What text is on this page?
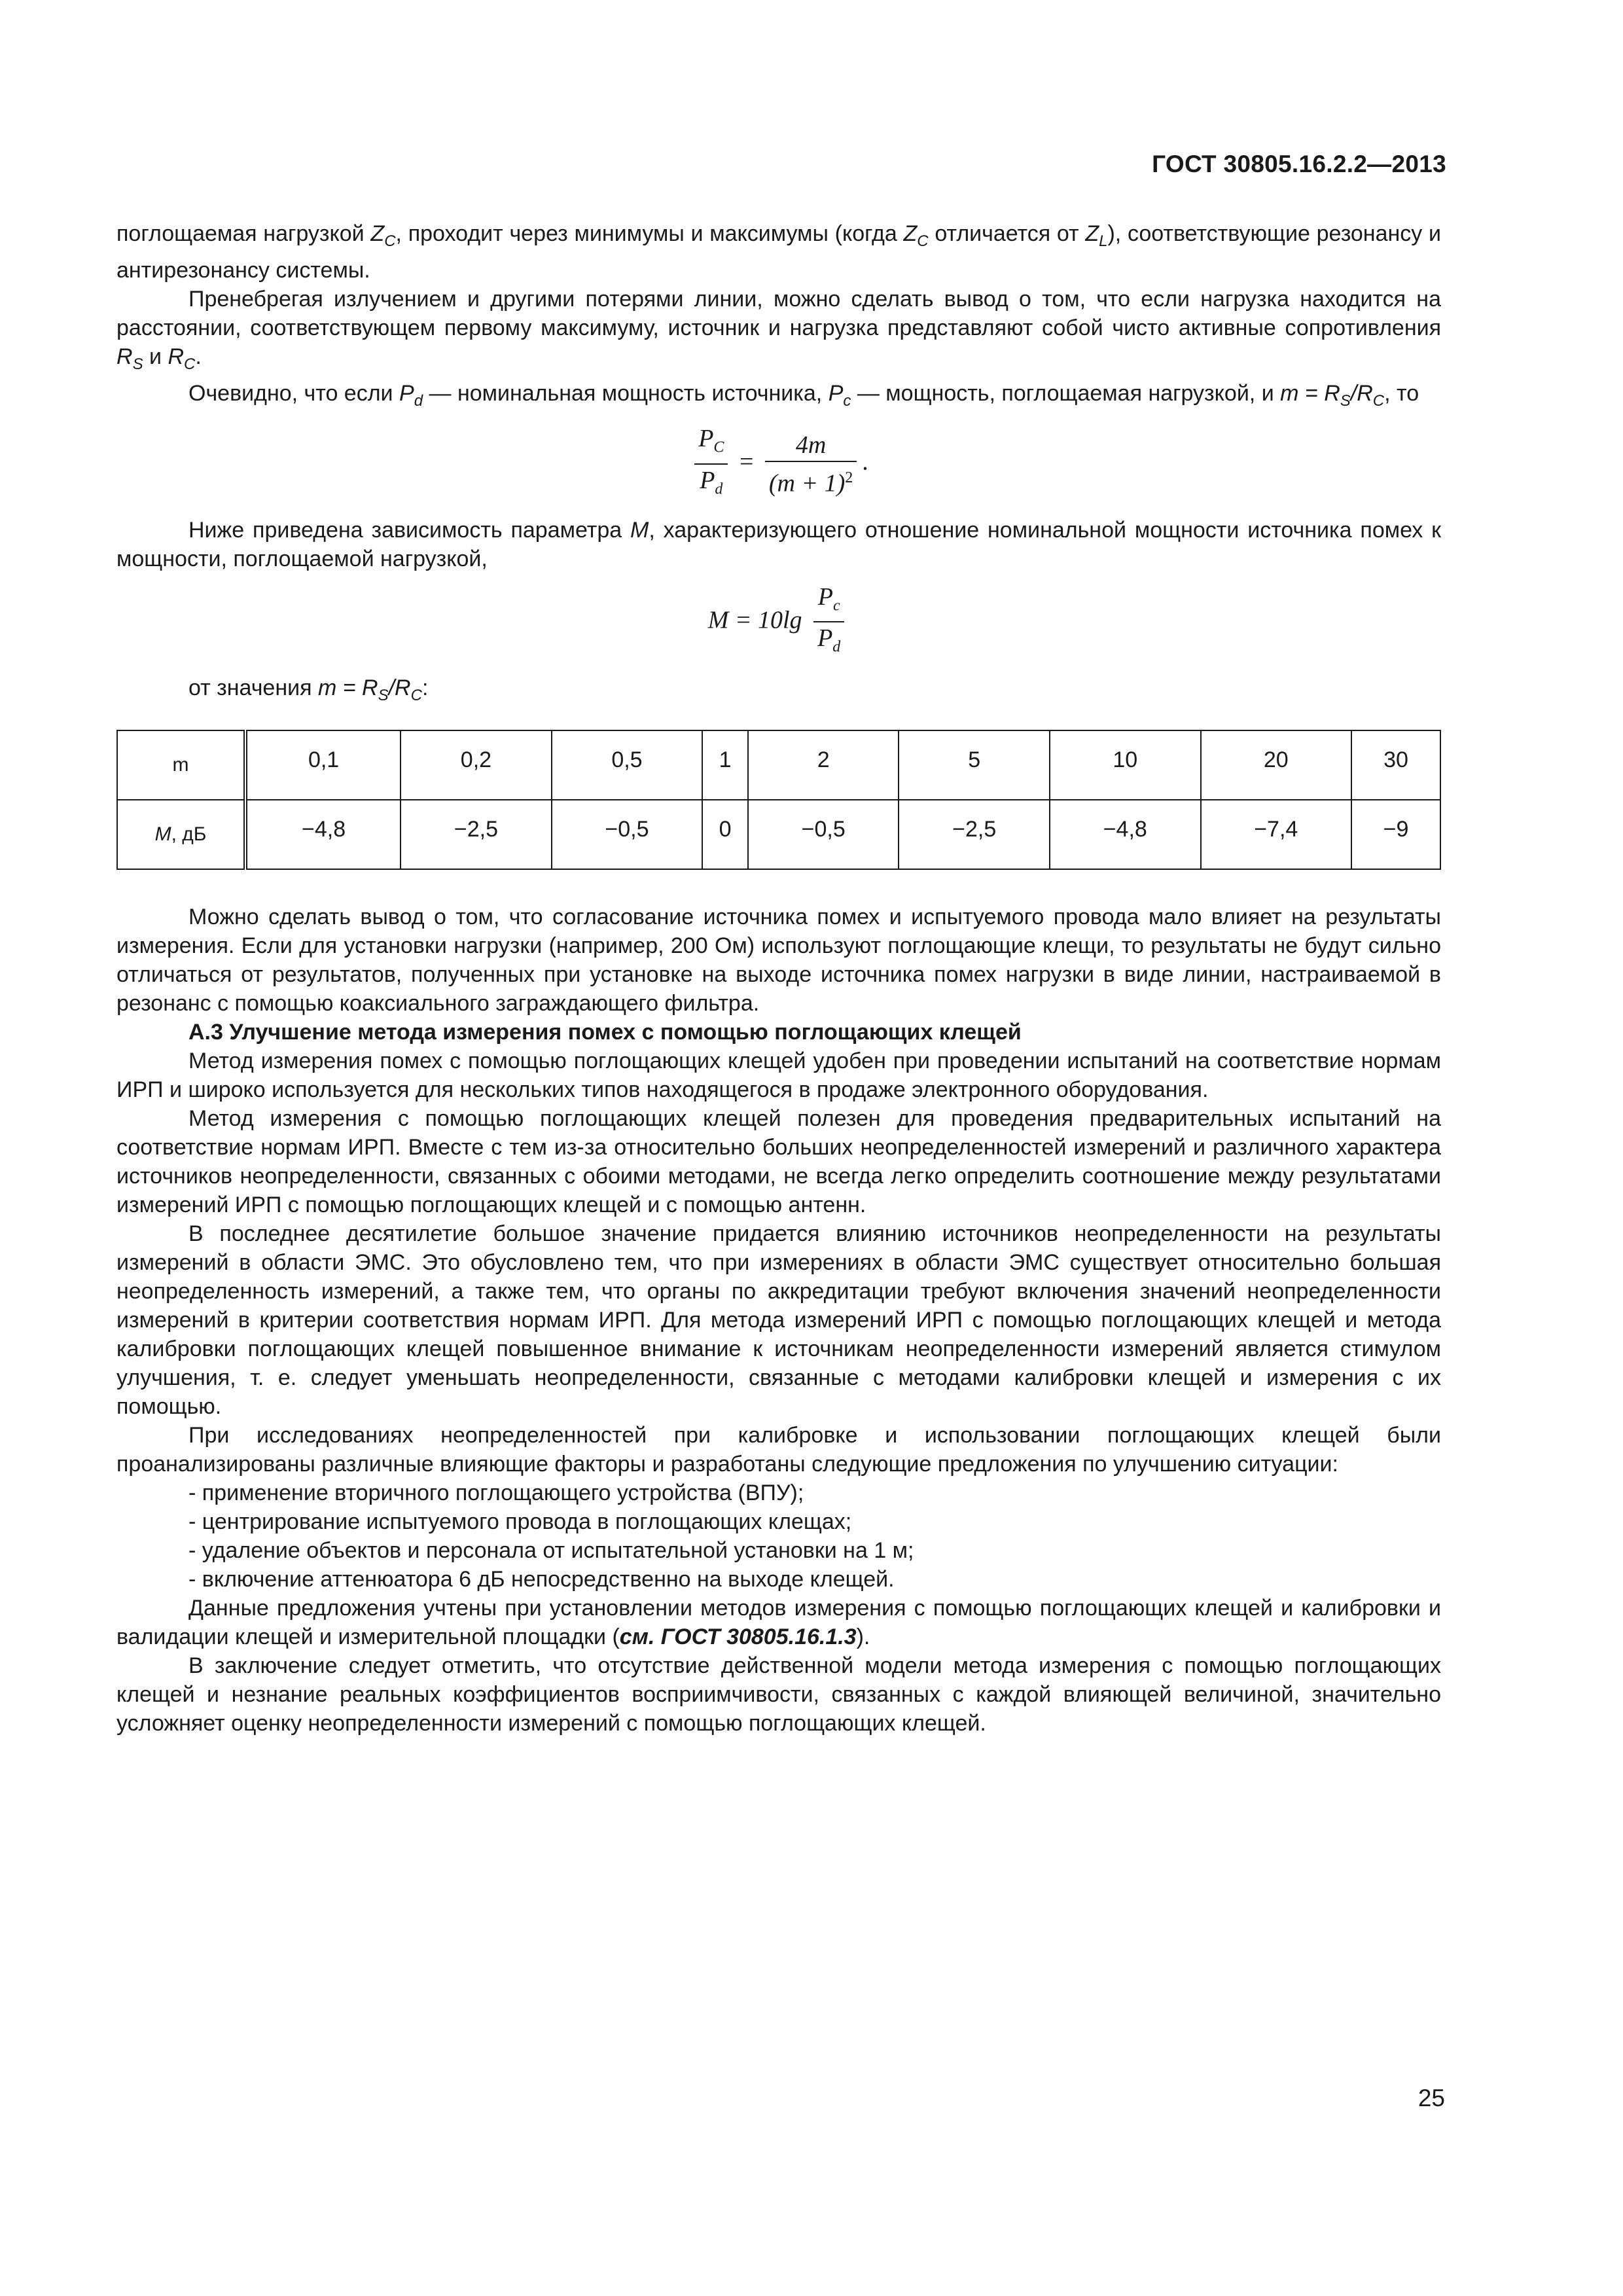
ГОСТ 30805.16.2.2—2013

поглощаемая нагрузкой $Z_C$, проходит через минимумы и максимумы (когда $Z_C$ отличается от $Z_L$), соответствующие резонансу и антирезонансу системы.

Пренебрегая излучением и другими потерями линии, можно сделать вывод о том, что если нагрузка находится на расстоянии, соответствующем первому максимуму, источник и нагрузка представляют собой чисто активные сопротивления $R_S$ и $R_C$.

Очевидно, что если $P_d$ — номинальная мощность источника, $P_c$ — мощность, поглощаемая нагрузкой, и $m = R_S/R_C$, то

$\frac{P_C}{P_d} = \frac{4m}{(m + 1)^2}$ .

Ниже приведена зависимость параметра M, характеризующего отношение номинальной мощности источника помех к мощности, поглощаемой нагрузкой,

$M = 10\lg \frac{P_c}{P_d}$

от значения $m = R_S/R_C$:

m	0,1	0,2	0,5	1	2	5	10	20	30
M, дБ	−4,8	−2,5	−0,5	0	−0,5	−2,5	−4,8	−7,4	−9

Можно сделать вывод о том, что согласование источника помех и испытуемого провода мало влияет на результаты измерения. Если для установки нагрузки (например, 200 Ом) используют поглощающие клещи, то результаты не будут сильно отличаться от результатов, полученных при установке на выходе источника помех нагрузки в виде линии, настраиваемой в резонанс с помощью коаксиального заграждающего фильтра.

А.3 Улучшение метода измерения помех с помощью поглощающих клещей

Метод измерения помех с помощью поглощающих клещей удобен при проведении испытаний на соответствие нормам ИРП и широко используется для нескольких типов находящегося в продаже электронного оборудования.

Метод измерения с помощью поглощающих клещей полезен для проведения предварительных испытаний на соответствие нормам ИРП. Вместе с тем из-за относительно больших неопределенностей измерений и различного характера источников неопределенности, связанных с обоими методами, не всегда легко определить соотношение между результатами измерений ИРП с помощью поглощающих клещей и с помощью антенн.

В последнее десятилетие большое значение придается влиянию источников неопределенности на результаты измерений в области ЭМС. Это обусловлено тем, что при измерениях в области ЭМС существует относительно большая неопределенность измерений, а также тем, что органы по аккредитации требуют включения значений неопределенности измерений в критерии соответствия нормам ИРП. Для метода измерений ИРП с помощью поглощающих клещей и метода калибровки поглощающих клещей повышенное внимание к источникам неопределенности измерений является стимулом улучшения, т. е. следует уменьшать неопределенности, связанные с методами калибровки клещей и измерения с их помощью.

При исследованиях неопределенностей при калибровке и использовании поглощающих клещей были проанализированы различные влияющие факторы и разработаны следующие предложения по улучшению ситуации:

- применение вторичного поглощающего устройства (ВПУ);

- центрирование испытуемого провода в поглощающих клещах;

- удаление объектов и персонала от испытательной установки на 1 м;

- включение аттенюатора 6 дБ непосредственно на выходе клещей.

Данные предложения учтены при установлении методов измерения с помощью поглощающих клещей и калибровки и валидации клещей и измерительной площадки (см. ГОСТ 30805.16.1.3).

В заключение следует отметить, что отсутствие действенной модели метода измерения с помощью поглощающих клещей и незнание реальных коэффициентов восприимчивости, связанных с каждой влияющей величиной, значительно усложняет оценку неопределенности измерений с помощью поглощающих клещей.

25
